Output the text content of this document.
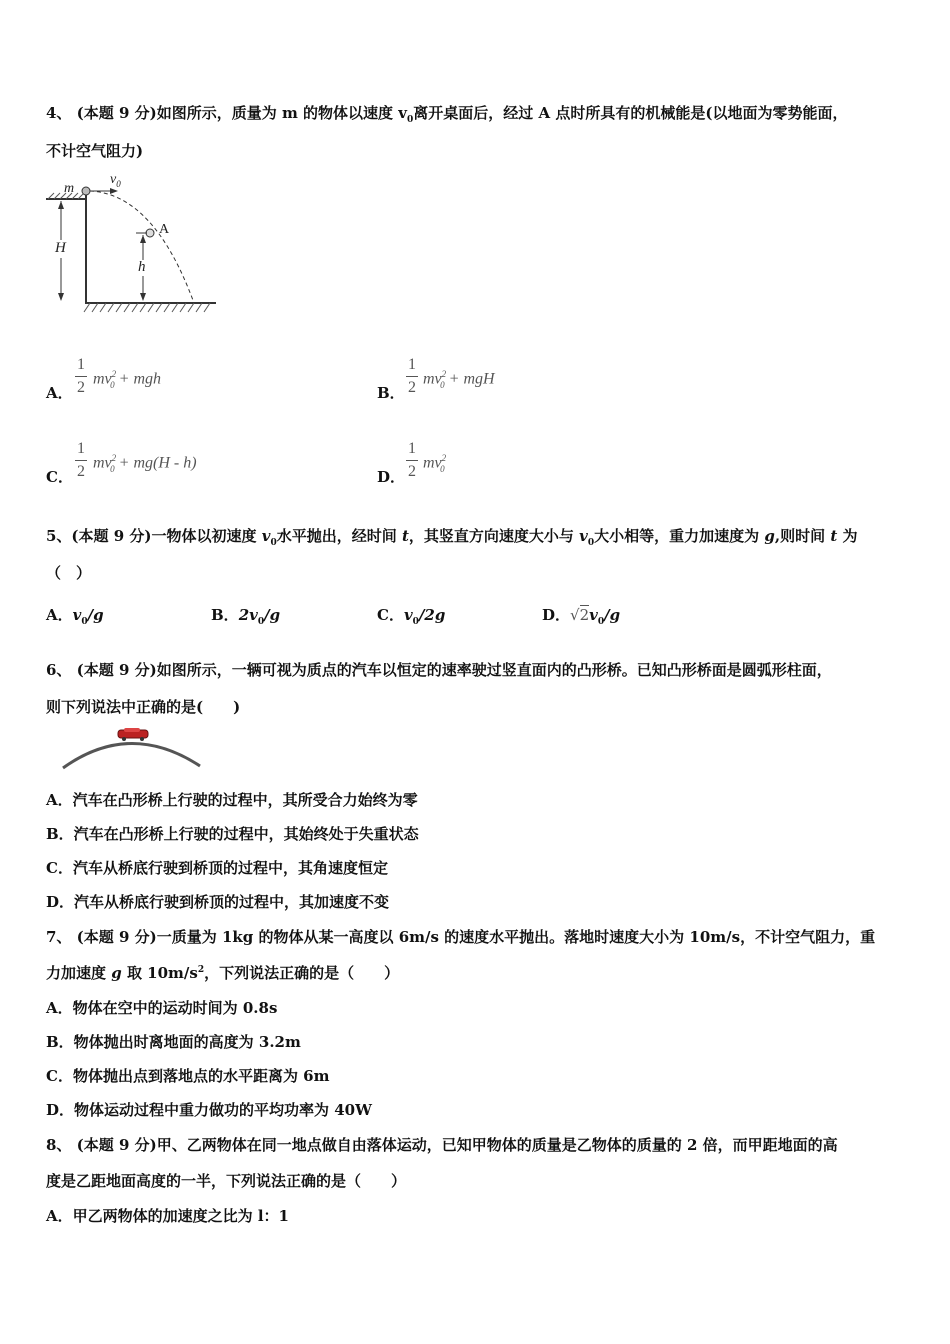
4、 (本题 9 分)如图所示，质量为 m 的物体以速度 $v_0$离开桌面后，经过 A 点时所具有的机械能是(以地面为零势能面，
不计空气阻力)
m
$v_0$
A
H
h
A．
1
2
$mv^2_0$ + mgh
B．
1
2
$mv^2_0$ + mgH
C．
1
2
$mv^2_0 + mg(H - h)$
D．
1
2
$mv^2_0$
5、(本题 9 分)一物体以初速度 $v_0$水平抛出，经时间 t，其竖直方向速度大小与 $v_0$大小相等，重力加速度为 g,则时间 t 为
（　）
A．$v_0/g$	B．$2v_0/g$	C．$v_0/2g$	D．$√2v_0/g$
6、 (本题 9 分)如图所示，一辆可视为质点的汽车以恒定的速率驶过竖直面内的凸形桥。已知凸形桥面是圆弧形柱面，
则下列说法中正确的是(　　)
A．汽车在凸形桥上行驶的过程中，其所受合力始终为零
B．汽车在凸形桥上行驶的过程中，其始终处于失重状态
C．汽车从桥底行驶到桥顶的过程中，其角速度恒定
D．汽车从桥底行驶到桥顶的过程中，其加速度不变
7、 (本题 9 分)一质量为 1kg 的物体从某一高度以 6m/s 的速度水平抛出。落地时速度大小为 10m/s，不计空气阻力，重
力加速度 g 取 $10m/s^2$，下列说法正确的是（　　）
A．物体在空中的运动时间为 0.8s
B．物体抛出时离地面的高度为 3.2m
C．物体抛出点到落地点的水平距离为 6m
D．物体运动过程中重力做功的平均功率为 40W
8、 (本题 9 分)甲、乙两物体在同一地点做自由落体运动，已知甲物体的质量是乙物体的质量的 2 倍，而甲距地面的高
度是乙距地面高度的一半，下列说法正确的是（　　）
A．甲乙两物体的加速度之比为 l：1
